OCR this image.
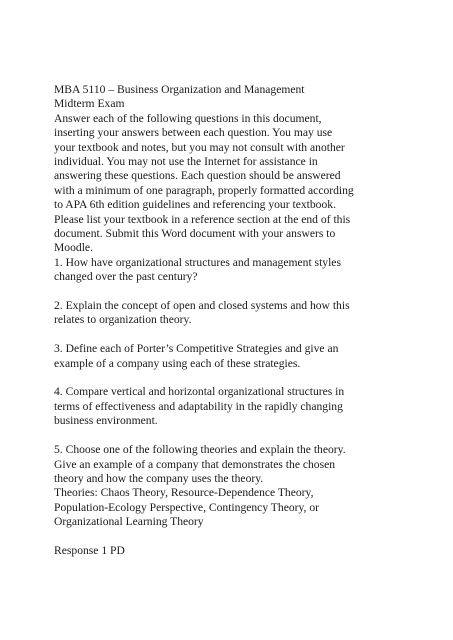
MBA 5110 – Business Organization and Management

Midterm Exam

Answer each of the following questions in this document,

inserting your answers between each question. You may use

your textbook and notes, but you may not consult with another

individual. You may not use the Internet for assistance in

answering these questions. Each question should be answered

with a minimum of one paragraph, properly formatted according

to APA 6th edition guidelines and referencing your textbook.

Please list your textbook in a reference section at the end of this

document. Submit this Word document with your answers to

Moodle.

1. How have organizational structures and management styles

changed over the past century?

2. Explain the concept of open and closed systems and how this

relates to organization theory.

3. Define each of Porter’s Competitive Strategies and give an

example of a company using each of these strategies.

4. Compare vertical and horizontal organizational structures in

terms of effectiveness and adaptability in the rapidly changing

business environment.

5. Choose one of the following theories and explain the theory.

Give an example of a company that demonstrates the chosen

theory and how the company uses the theory.

Theories: Chaos Theory, Resource-Dependence Theory,

Population-Ecology Perspective, Contingency Theory, or

Organizational Learning Theory

Response 1 PD
